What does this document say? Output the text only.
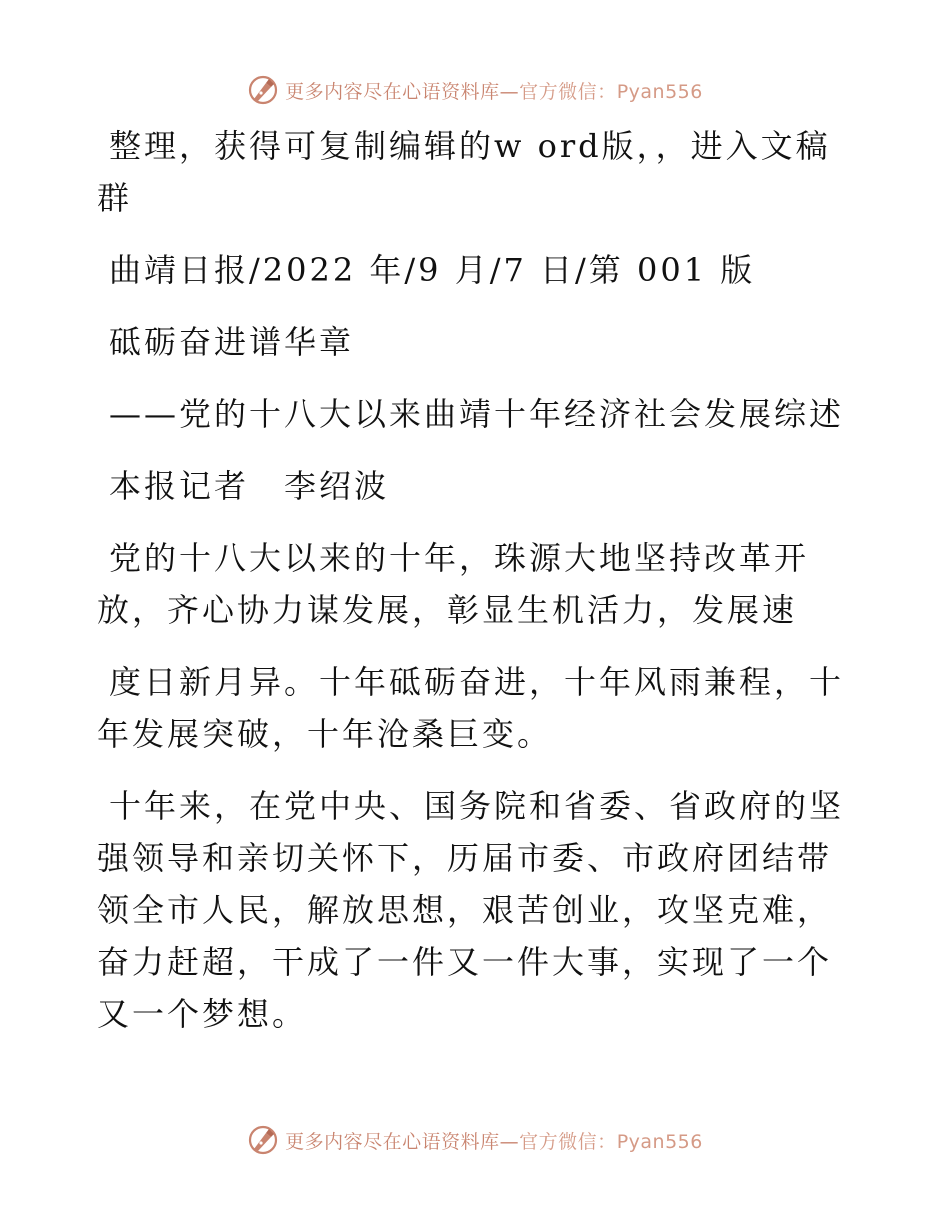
更多内容尽在心语资料库—官方微信：Pyan556

整理，获得可复制编辑的w ord版，，进入文稿群

曲靖日报/2022 年/9 月/7 日/第 001 版

砥砺奋进谱华章

——党的十八大以来曲靖十年经济社会发展综述

本报记者　李绍波

党的十八大以来的十年，珠源大地坚持改革开放，齐心协力谋发展，彰显生机活力，发展速

度日新月异。十年砥砺奋进，十年风雨兼程，十年发展突破，十年沧桑巨变。

十年来，在党中央、国务院和省委、省政府的坚强领导和亲切关怀下，历届市委、市政府团结带领全市人民，解放思想，艰苦创业，攻坚克难，奋力赶超，干成了一件又一件大事，实现了一个又一个梦想。

更多内容尽在心语资料库—官方微信：Pyan556
